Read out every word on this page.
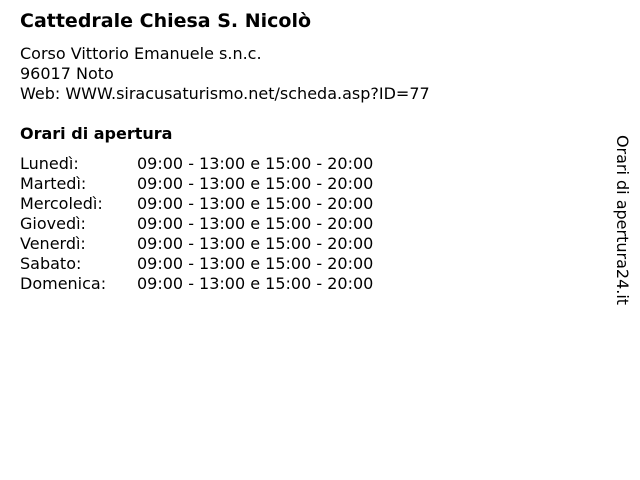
Cattedrale Chiesa S. Nicolò
Corso Vittorio Emanuele s.n.c.
96017 Noto
Web: WWW.siracusaturismo.net/scheda.asp?ID=77
Orari di apertura
Lunedì:	09:00 - 13:00 e 15:00 - 20:00
Martedì:	09:00 - 13:00 e 15:00 - 20:00
Mercoledì:	09:00 - 13:00 e 15:00 - 20:00
Giovedì:	09:00 - 13:00 e 15:00 - 20:00
Venerdì:	09:00 - 13:00 e 15:00 - 20:00
Sabato:	09:00 - 13:00 e 15:00 - 20:00
Domenica:	09:00 - 13:00 e 15:00 - 20:00	Orari di apertura24.it
